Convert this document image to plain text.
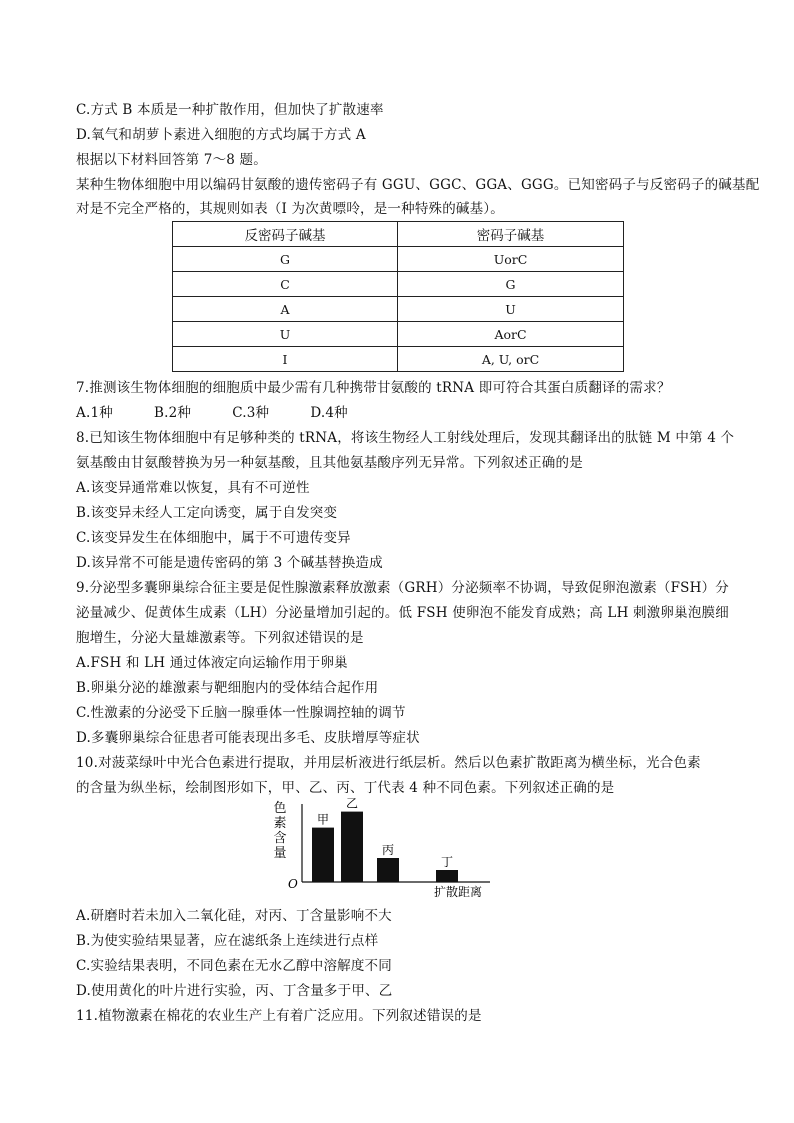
C.方式 B 本质是一种扩散作用，但加快了扩散速率
D.氧气和胡萝卜素进入细胞的方式均属于方式 A
根据以下材料回答第 7～8 题。
某种生物体细胞中用以编码甘氨酸的遗传密码子有 GGU、GGC、GGA、GGG。已知密码子与反密码子的碱基配
对是不完全严格的，其规则如表（I 为次黄嘌呤，是一种特殊的碱基）。
反密码子碱基	密码子碱基
G	UorC
C	G
A	U
U	AorC
I	A, U, orC
7.推测该生物体细胞的细胞质中最少需有几种携带甘氨酸的 tRNA 即可符合其蛋白质翻译的需求？
A.1种　　　B.2种　　　C.3种　　　D.4种
8.已知该生物体细胞中有足够种类的 tRNA，将该生物经人工射线处理后，发现其翻译出的肽链 M 中第 4 个
氨基酸由甘氨酸替换为另一种氨基酸，且其他氨基酸序列无异常。下列叙述正确的是
A.该变异通常难以恢复，具有不可逆性
B.该变异未经人工定向诱变，属于自发突变
C.该变异发生在体细胞中，属于不可遗传变异
D.该异常不可能是遗传密码的第 3 个碱基替换造成
9.分泌型多囊卵巢综合征主要是促性腺激素释放激素（GRH）分泌频率不协调，导致促卵泡激素（FSH）分
泌量减少、促黄体生成素（LH）分泌量增加引起的。低 FSH 使卵泡不能发育成熟；高 LH 刺激卵巢泡膜细
胞增生，分泌大量雄激素等。下列叙述错误的是
A.FSH 和 LH 通过体液定向运输作用于卵巢
B.卵巢分泌的雄激素与靶细胞内的受体结合起作用
C.性激素的分泌受下丘脑一腺垂体一性腺调控轴的调节
D.多囊卵巢综合征患者可能表现出多毛、皮肤增厚等症状
10.对菠菜绿叶中光合色素进行提取，并用层析液进行纸层析。然后以色素扩散距离为横坐标，光合色素
的含量为纵坐标，绘制图形如下，甲、乙、丙、丁代表 4 种不同色素。下列叙述正确的是
色素含量
O
扩散距离
甲
乙
丙
丁
A.研磨时若未加入二氧化硅，对丙、丁含量影响不大
B.为使实验结果显著，应在滤纸条上连续进行点样
C.实验结果表明，不同色素在无水乙醇中溶解度不同
D.使用黄化的叶片进行实验，丙、丁含量多于甲、乙
11.植物激素在棉花的农业生产上有着广泛应用。下列叙述错误的是
